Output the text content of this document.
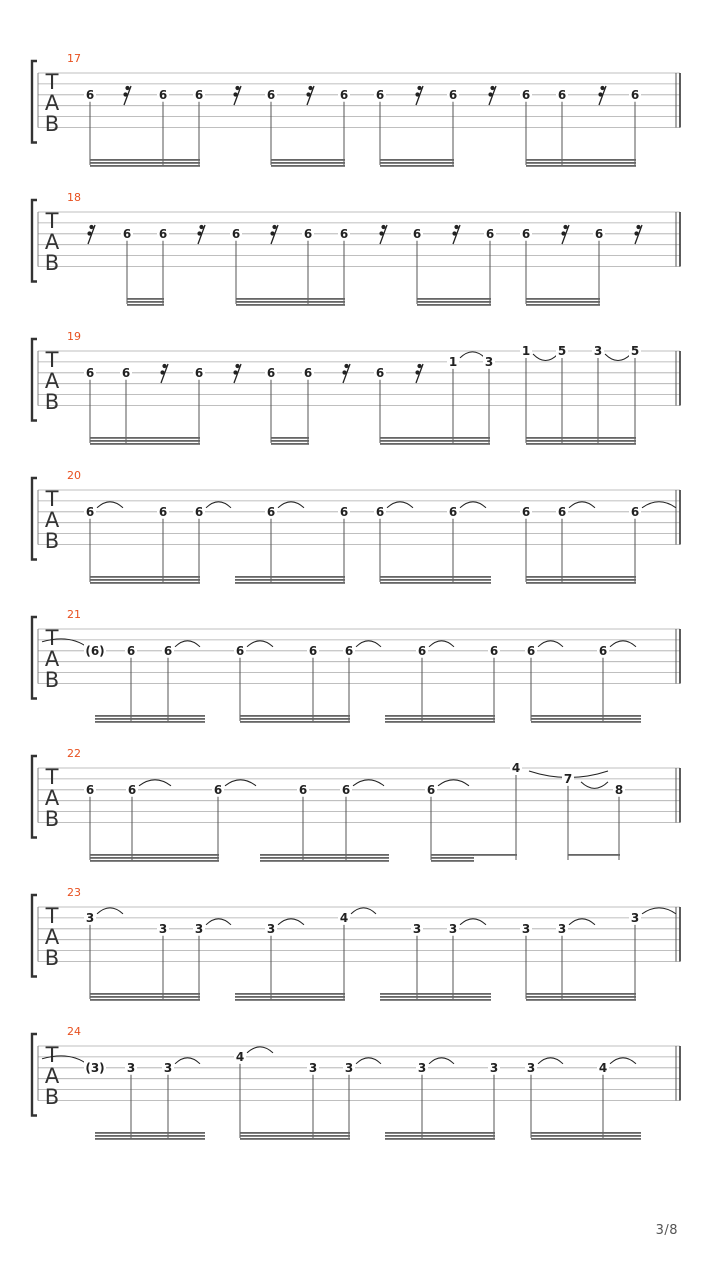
17
T
A
B
6	6 6	6	6 6	6	6 6	6
18
T
A
B
6 6	6	6 6	6	6 6	6
19
T
A
B
6 6	6	6 6	6
1 3
1 5 3 5
20
T
A
B
6	6 6	6	6 6	6	6 6	6
21
T
A
B
(6) 6 6	6	6 6	6	6 6	6
22
T
A
B
6	6	6	6	6	6
4
7
8
23
T
A
B
3
3 3	3
4
3 3	3 3
3
24
T
A
B
(3) 3 3
4
3 3	3	3 3	4
3/8
